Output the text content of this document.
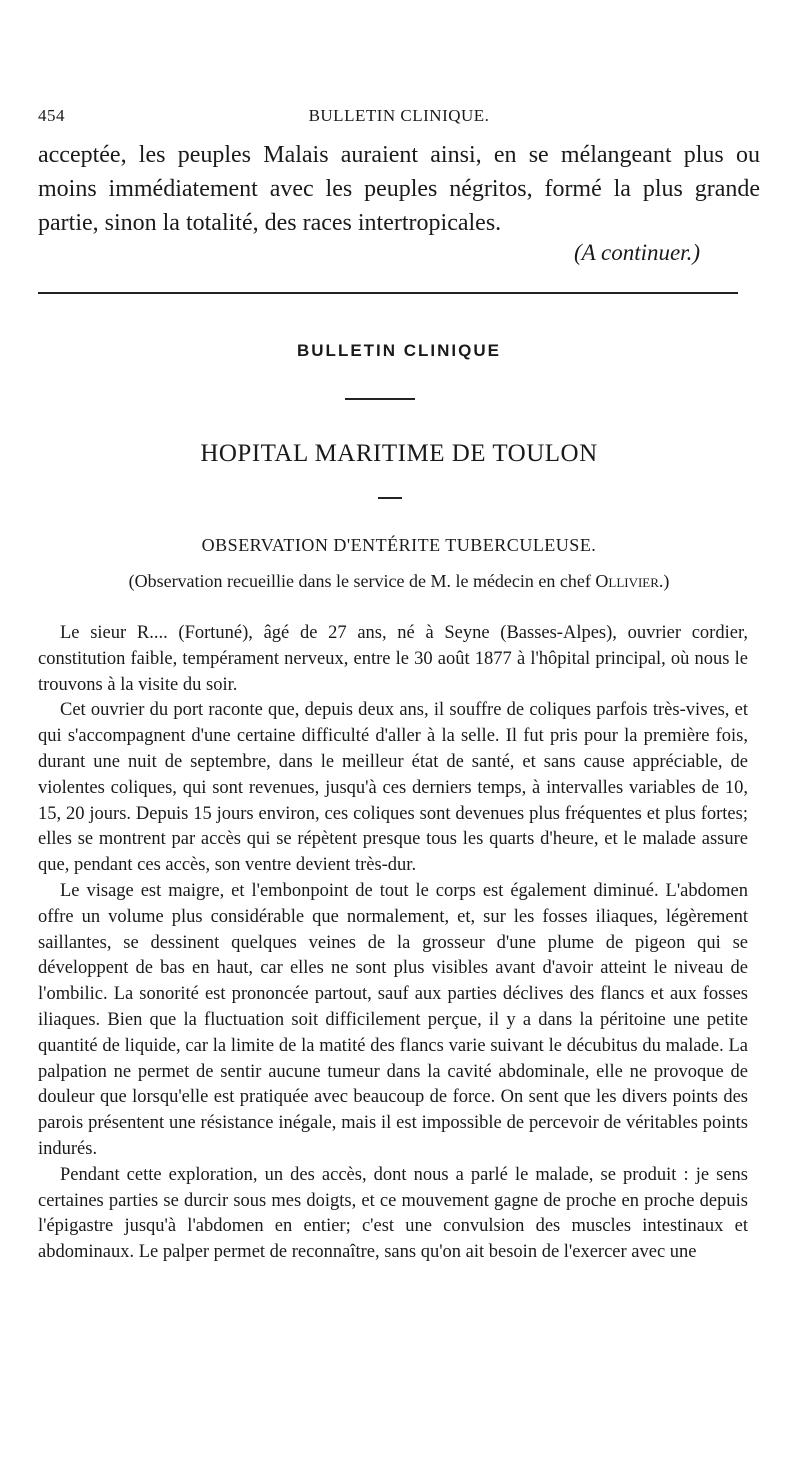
454	BULLETIN CLINIQUE.
acceptée, les peuples Malais auraient ainsi, en se mélangeant plus ou moins immédiatement avec les peuples négritos, formé la plus grande partie, sinon la totalité, des races intertropicales.
(A continuer.)
BULLETIN CLINIQUE
HOPITAL MARITIME DE TOULON
OBSERVATION D'ENTÉRITE TUBERCULEUSE.
(Observation recueillie dans le service de M. le médecin en chef Ollivier.)

Le sieur R.... (Fortuné), âgé de 27 ans, né à Seyne (Basses-Alpes), ouvrier cordier, constitution faible, tempérament nerveux, entre le 30 août 1877 à l'hôpital principal, où nous le trouvons à la visite du soir.

Cet ouvrier du port raconte que, depuis deux ans, il souffre de coliques parfois très-vives, et qui s'accompagnent d'une certaine difficulté d'aller à la selle. Il fut pris pour la première fois, durant une nuit de septembre, dans le meilleur état de santé, et sans cause appréciable, de violentes coliques, qui sont revenues, jusqu'à ces derniers temps, à intervalles variables de 10, 15, 20 jours. Depuis 15 jours environ, ces coliques sont devenues plus fréquentes et plus fortes; elles se montrent par accès qui se répètent presque tous les quarts d'heure, et le malade assure que, pendant ces accès, son ventre devient très-dur.

Le visage est maigre, et l'embonpoint de tout le corps est également diminué. L'abdomen offre un volume plus considérable que normalement, et, sur les fosses iliaques, légèrement saillantes, se dessinent quelques veines de la grosseur d'une plume de pigeon qui se développent de bas en haut, car elles ne sont plus visibles avant d'avoir atteint le niveau de l'ombilic. La sonorité est prononcée partout, sauf aux parties déclives des flancs et aux fosses iliaques. Bien que la fluctuation soit difficilement perçue, il y a dans la péritoine une petite quantité de liquide, car la limite de la matité des flancs varie suivant le décubitus du malade. La palpation ne permet de sentir aucune tumeur dans la cavité abdominale, elle ne provoque de douleur que lorsqu'elle est pratiquée avec beaucoup de force. On sent que les divers points des parois présentent une résistance inégale, mais il est impossible de percevoir de véritables points indurés.

Pendant cette exploration, un des accès, dont nous a parlé le malade, se produit : je sens certaines parties se durcir sous mes doigts, et ce mouvement gagne de proche en proche depuis l'épigastre jusqu'à l'abdomen en entier; c'est une convulsion des muscles intestinaux et abdominaux. Le palper permet de reconnaître, sans qu'on ait besoin de l'exercer avec une
